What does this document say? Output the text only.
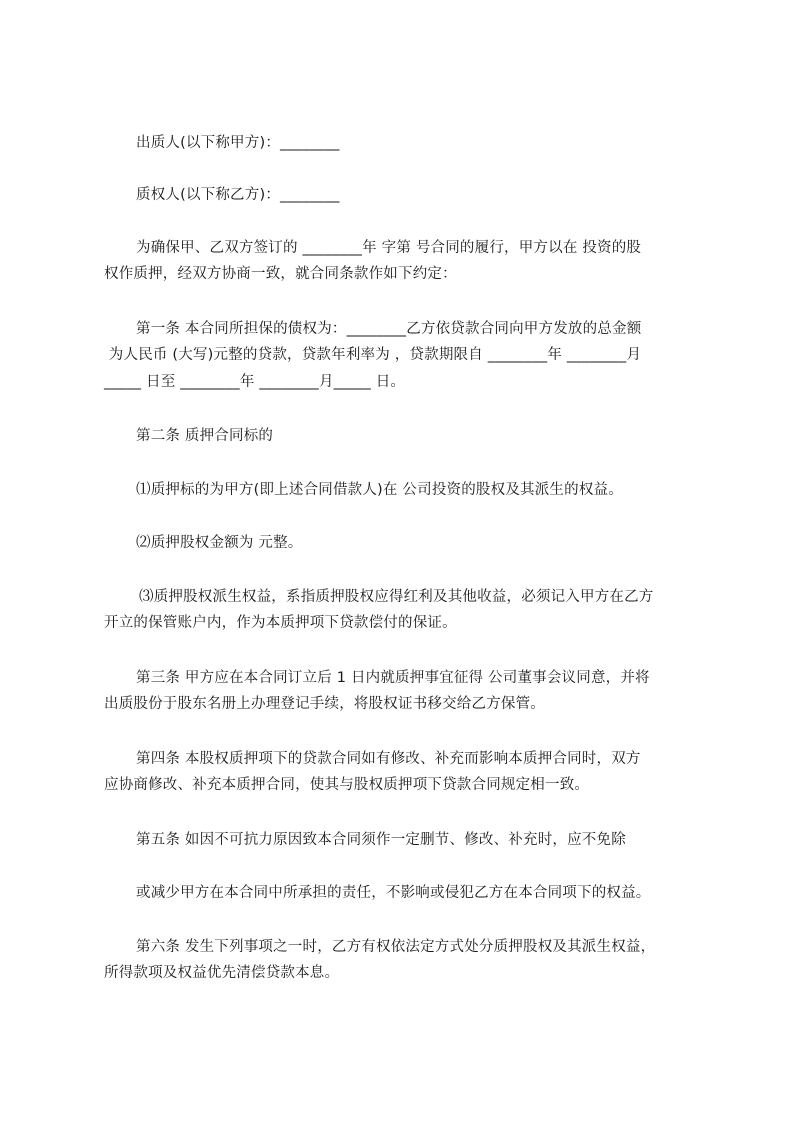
出质人(以下称甲方)：________
质权人(以下称乙方)：________
为确保甲、乙双方签订的 ________年 字第 号合同的履行，甲方以在 投资的股
权作质押，经双方协商一致，就合同条款作如下约定：
第一条 本合同所担保的债权为：________乙方依贷款合同向甲方发放的总金额
为人民币 (大写)元整的贷款，贷款年利率为 ，贷款期限自 ________年 ________月
_____ 日至 ________年 ________月_____ 日。
第二条 质押合同标的
⑴质押标的为甲方(即上述合同借款人)在 公司投资的股权及其派生的权益。
⑵质押股权金额为 元整。
⑶质押股权派生权益，系指质押股权应得红利及其他收益，必须记入甲方在乙方
开立的保管账户内，作为本质押项下贷款偿付的保证。
第三条 甲方应在本合同订立后 1 日内就质押事宜征得 公司董事会议同意，并将
出质股份于股东名册上办理登记手续，将股权证书移交给乙方保管。
第四条 本股权质押项下的贷款合同如有修改、补充而影响本质押合同时，双方
应协商修改、补充本质押合同，使其与股权质押项下贷款合同规定相一致。
第五条 如因不可抗力原因致本合同须作一定删节、修改、补充时，应不免除
或减少甲方在本合同中所承担的责任，不影响或侵犯乙方在本合同项下的权益。
第六条 发生下列事项之一时，乙方有权依法定方式处分质押股权及其派生权益，
所得款项及权益优先清偿贷款本息。
